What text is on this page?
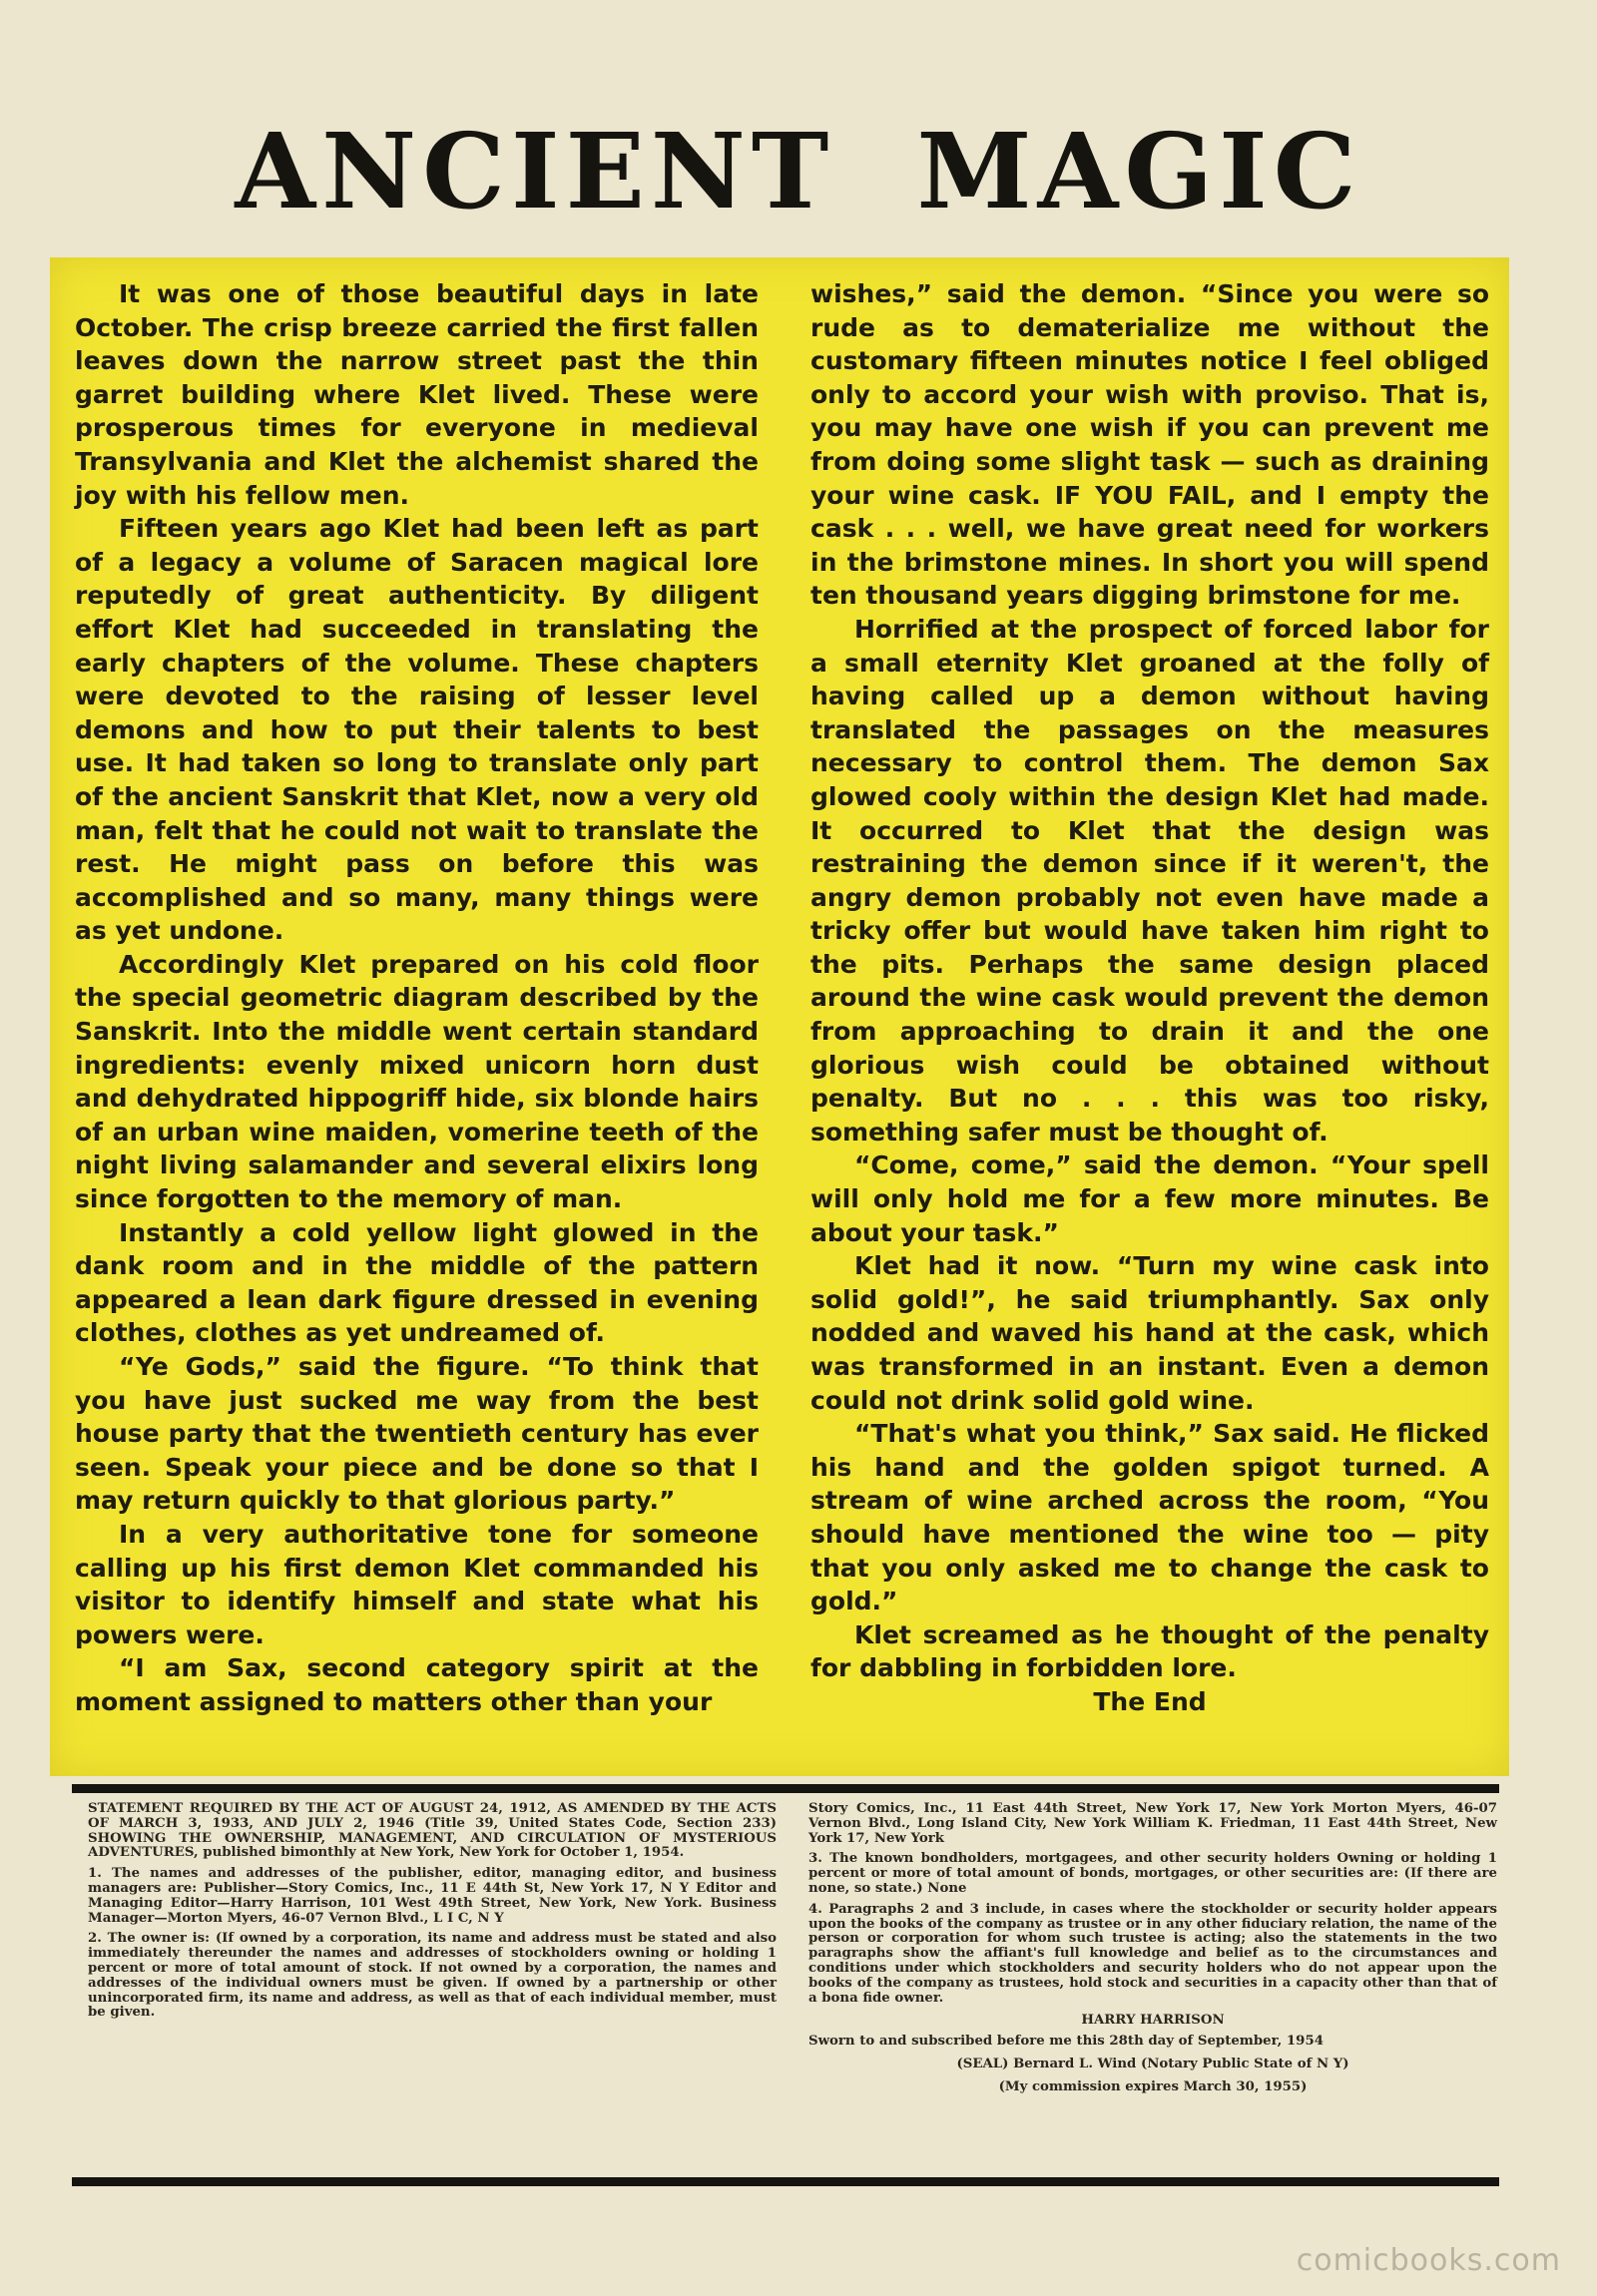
ANCIENT MAGIC

It was one of those beautiful days in late October. The crisp breeze carried the first fallen leaves down the narrow street past the thin garret building where Klet lived. These were prosperous times for everyone in medieval Transylvania and Klet the alchemist shared the joy with his fellow men.

Fifteen years ago Klet had been left as part of a legacy a volume of Saracen magical lore reputedly of great authenticity. By diligent effort Klet had succeeded in translating the early chapters of the volume. These chapters were devoted to the raising of lesser level demons and how to put their talents to best use. It had taken so long to translate only part of the ancient Sanskrit that Klet, now a very old man, felt that he could not wait to translate the rest. He might pass on before this was accomplished and so many, many things were as yet undone.

Accordingly Klet prepared on his cold floor the special geometric diagram described by the Sanskrit. Into the middle went certain standard ingredients: evenly mixed unicorn horn dust and dehydrated hippogriff hide, six blonde hairs of an urban wine maiden, vomerine teeth of the night living salamander and several elixirs long since forgotten to the memory of man.

Instantly a cold yellow light glowed in the dank room and in the middle of the pattern appeared a lean dark figure dressed in evening clothes, clothes as yet undreamed of.

“Ye Gods,” said the figure. “To think that you have just sucked me way from the best house party that the twentieth century has ever seen. Speak your piece and be done so that I may return quickly to that glorious party.”

In a very authoritative tone for someone calling up his first demon Klet commanded his visitor to identify himself and state what his powers were.

“I am Sax, second category spirit at the moment assigned to matters other than your

wishes,” said the demon. “Since you were so rude as to dematerialize me without the customary fifteen minutes notice I feel obliged only to accord your wish with proviso. That is, you may have one wish if you can prevent me from doing some slight task — such as draining your wine cask. IF YOU FAIL, and I empty the cask . . . well, we have great need for workers in the brimstone mines. In short you will spend ten thousand years digging brimstone for me.

Horrified at the prospect of forced labor for a small eternity Klet groaned at the folly of having called up a demon without having translated the passages on the measures necessary to control them. The demon Sax glowed cooly within the design Klet had made. It occurred to Klet that the design was restraining the demon since if it weren't, the angry demon probably not even have made a tricky offer but would have taken him right to the pits. Perhaps the same design placed around the wine cask would prevent the demon from approaching to drain it and the one glorious wish could be obtained without penalty. But no . . . this was too risky, something safer must be thought of.

“Come, come,” said the demon. “Your spell will only hold me for a few more minutes. Be about your task.”

Klet had it now. “Turn my wine cask into solid gold!”, he said triumphantly. Sax only nodded and waved his hand at the cask, which was transformed in an instant. Even a demon could not drink solid gold wine.

“That's what you think,” Sax said. He flicked his hand and the golden spigot turned. A stream of wine arched across the room, “You should have mentioned the wine too — pity that you only asked me to change the cask to gold.”

Klet screamed as he thought of the penalty for dabbling in forbidden lore.

The End

STATEMENT REQUIRED BY THE ACT OF AUGUST 24, 1912, AS AMENDED BY THE ACTS OF MARCH 3, 1933, AND JULY 2, 1946 (Title 39, United States Code, Section 233) SHOWING THE OWNERSHIP, MANAGEMENT, AND CIRCULATION OF MYSTERIOUS ADVENTURES, published bimonthly at New York, New York for October 1, 1954.

1. The names and addresses of the publisher, editor, managing editor, and business managers are: Publisher—Story Comics, Inc., 11 E 44th St, New York 17, N Y Editor and Managing Editor—Harry Harrison, 101 West 49th Street, New York, New York. Business Manager—Morton Myers, 46-07 Vernon Blvd., L I C, N Y

2. The owner is: (If owned by a corporation, its name and address must be stated and also immediately thereunder the names and addresses of stockholders owning or holding 1 percent or more of total amount of stock. If not owned by a corporation, the names and addresses of the individual owners must be given. If owned by a partnership or other unincorporated firm, its name and address, as well as that of each individual member, must be given.

Story Comics, Inc., 11 East 44th Street, New York 17, New York Morton Myers, 46-07 Vernon Blvd., Long Island City, New York William K. Friedman, 11 East 44th Street, New York 17, New York

3. The known bondholders, mortgagees, and other security holders Owning or holding 1 percent or more of total amount of bonds, mortgages, or other securities are: (If there are none, so state.) None

4. Paragraphs 2 and 3 include, in cases where the stockholder or security holder appears upon the books of the company as trustee or in any other fiduciary relation, the name of the person or corporation for whom such trustee is acting; also the statements in the two paragraphs show the affiant's full knowledge and belief as to the circumstances and conditions under which stockholders and security holders who do not appear upon the books of the company as trustees, hold stock and securities in a capacity other than that of a bona fide owner.

HARRY HARRISON

Sworn to and subscribed before me this 28th day of September, 1954

(SEAL) Bernard L. Wind (Notary Public State of N Y)

(My commission expires March 30, 1955)

comicbooks.com
